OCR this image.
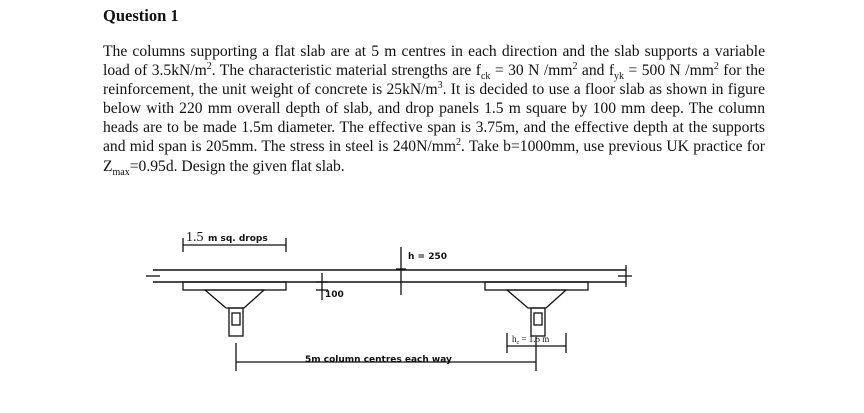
Question 1

The columns supporting a flat slab are at 5 m centres in each direction and the slab supports a variable load of $3.5kN/m^2$. The characteristic material strengths are $f_{ck} = 30$ N $/mm^2$ and $f_{yk} = 500$ N $/mm^2$ for the reinforcement, the unit weight of concrete is $25kN/m^3$. It is decided to use a floor slab as shown in figure below with 220 mm overall depth of slab, and drop panels 1.5 m square by 100 mm deep. The column heads are to be made 1.5m diameter. The effective span is 3.75m, and the effective depth at the supports and mid span is 205mm. The stress in steel is $240N/mm^2$. Take b=1000mm, use previous UK practice for $Z_{max}=0.95d$. Design the given flat slab.

1.5 m sq. drops
h = 250
100
$h_c = 1.5$ m
5m column centres each way
